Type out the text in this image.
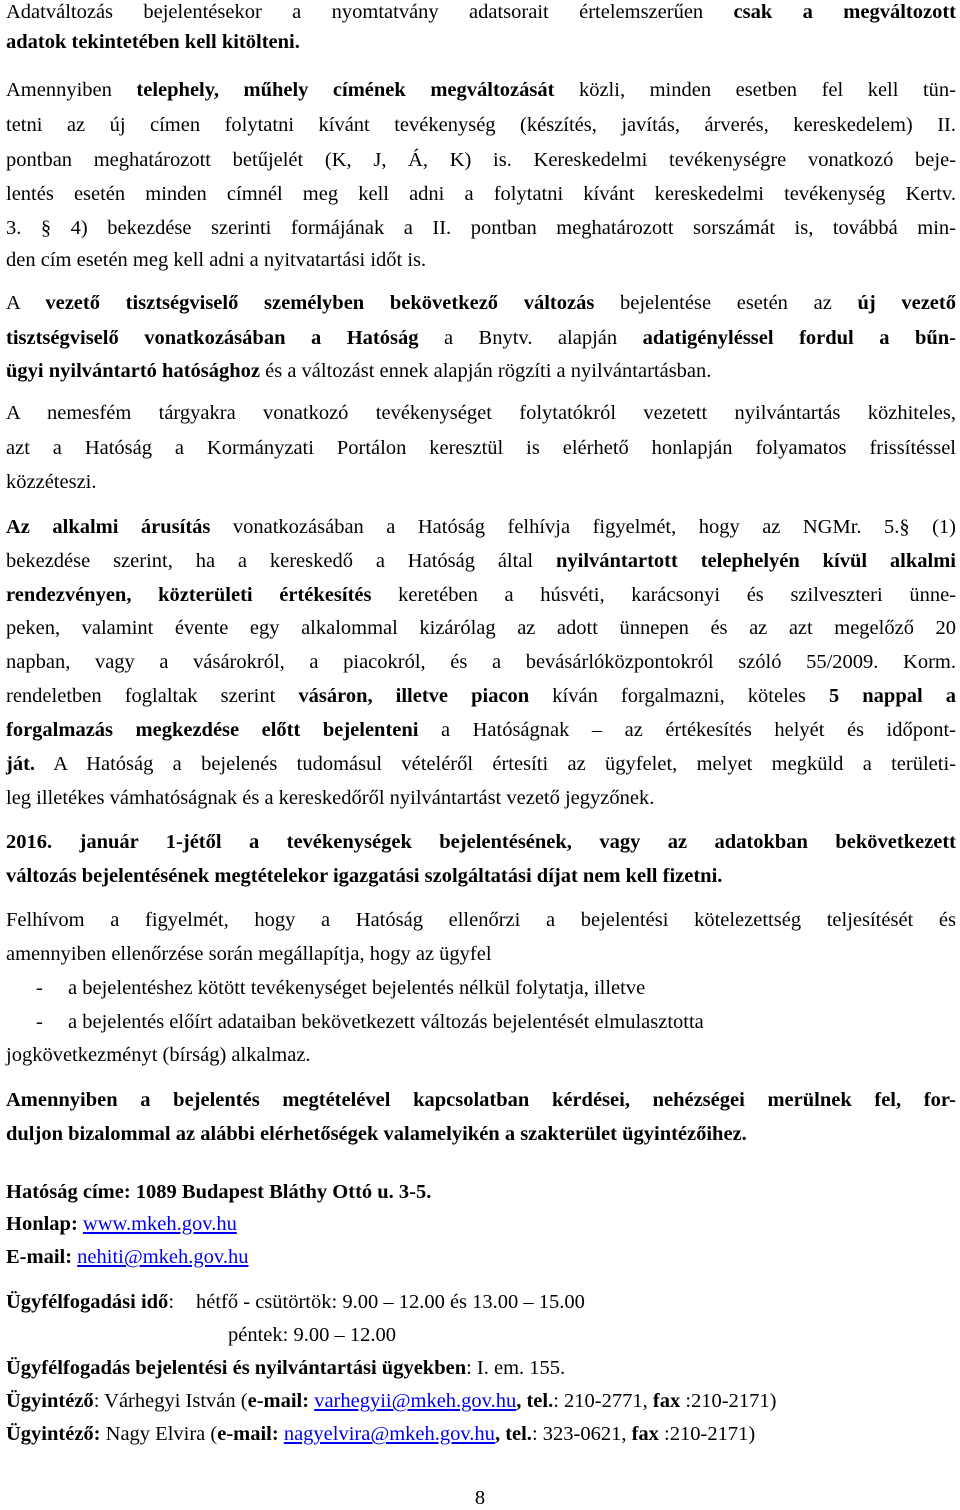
Adatváltozás bejelentésekor a nyomtatvány adatsorait értelemszerűen csak a megváltozott
adatok tekintetében kell kitölteni.
Amennyiben telephely, műhely címének megváltozását közli, minden esetben fel kell tün-
tetni az új címen folytatni kívánt tevékenység (készítés, javítás, árverés, kereskedelem) II.
pontban meghatározott betűjelét (K, J, Á, K) is. Kereskedelmi tevékenységre vonatkozó beje-
lentés esetén minden címnél meg kell adni a folytatni kívánt kereskedelmi tevékenység Kertv.
3. § 4) bekezdése szerinti formájának a II. pontban meghatározott sorszámát is, továbbá min-
den cím esetén meg kell adni a nyitvatartási időt is.
A vezető tisztségviselő személyben bekövetkező változás bejelentése esetén az új vezető
tisztségviselő vonatkozásában a Hatóság a Bnytv. alapján adatigényléssel fordul a bűn-
ügyi nyilvántartó hatósághoz és a változást ennek alapján rögzíti a nyilvántartásban.
A nemesfém tárgyakra vonatkozó tevékenységet folytatókról vezetett nyilvántartás közhiteles,
azt a Hatóság a Kormányzati Portálon keresztül is elérhető honlapján folyamatos frissítéssel
közzéteszi.
Az alkalmi árusítás vonatkozásában a Hatóság felhívja figyelmét, hogy az NGMr. 5.§ (1)
bekezdése szerint, ha a kereskedő a Hatóság által nyilvántartott telephelyén kívül alkalmi
rendezvényen, közterületi értékesítés keretében a húsvéti, karácsonyi és szilveszteri ünne-
peken, valamint évente egy alkalommal kizárólag az adott ünnepen és az azt megelőző 20
napban, vagy a vásárokról, a piacokról, és a bevásárlóközpontokról szóló 55/2009. Korm.
rendeletben foglaltak szerint vásáron, illetve piacon kíván forgalmazni, köteles 5 nappal a
forgalmazás megkezdése előtt bejelenteni a Hatóságnak – az értékesítés helyét és időpont-
ját. A Hatóság a bejelenés tudomásul vételéről értesíti az ügyfelet, melyet megküld a területi-
leg illetékes vámhatóságnak és a kereskedőről nyilvántartást vezető jegyzőnek.
2016. január 1-jétől a tevékenységek bejelentésének, vagy az adatokban bekövetkezett
változás bejelentésének megtételekor igazgatási szolgáltatási díjat nem kell fizetni.
Felhívom a figyelmét, hogy a Hatóság ellenőrzi a bejelentési kötelezettség teljesítését és
amennyiben ellenőrzése során megállapítja, hogy az ügyfel
- a bejelentéshez kötött tevékenységet bejelentés nélkül folytatja, illetve
- a bejelentés előírt adataiban bekövetkezett változás bejelentését elmulasztotta
jogkövetkezményt (bírság) alkalmaz.
Amennyiben a bejelentés megtételével kapcsolatban kérdései, nehézségei merülnek fel, for-
duljon bizalommal az alábbi elérhetőségek valamelyikén a szakterület ügyintézőihez.
Hatóság címe: 1089 Budapest Bláthy Ottó u. 3-5.
Honlap: www.mkeh.gov.hu
E-mail: nehiti@mkeh.gov.hu
Ügyfélfogadási idő: hétfő - csütörtök: 9.00 – 12.00 és 13.00 – 15.00
péntek: 9.00 – 12.00
Ügyfélfogadás bejelentési és nyilvántartási ügyekben: I. em. 155.
Ügyintéző: Várhegyi István (e-mail: varhegyii@mkeh.gov.hu, tel.: 210-2771, fax :210-2171)
Ügyintéző: Nagy Elvira (e-mail: nagyelvira@mkeh.gov.hu, tel.: 323-0621, fax :210-2171)
8
